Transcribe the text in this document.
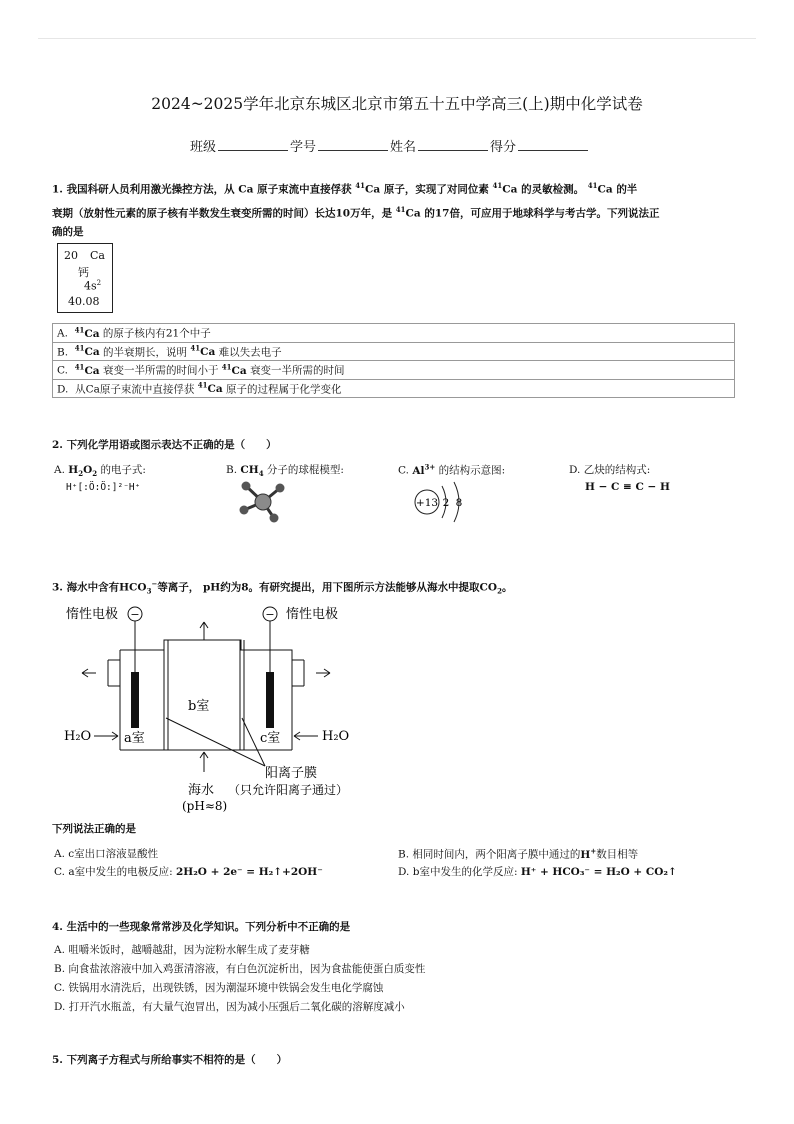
2024~2025学年北京东城区北京市第五十五中学高三(上)期中化学试卷
班级	学号	姓名	得分
1. 我国科研人员利用激光操控方法，从 Ca 原子束流中直接俘获 $^{41}$Ca 原子，实现了对同位素 $^{41}$Ca 的灵敏检测。 $^{41}$Ca 的半
衰期（放射性元素的原子核有半数发生衰变所需的时间）长达10万年，是 $^{41}$Ca 的17倍，可应用于地球科学与考古学。下列说法正
确的是
20 Ca
钙
$4s^2$
40.08
A. $^{41}$Ca 的原子核内有21个中子
B. $^{41}$Ca 的半衰期长，说明 $^{41}$Ca 难以失去电子
C. $^{41}$Ca 衰变一半所需的时间小于 $^{41}$Ca 衰变一半所需的时间
D. 从Ca原子束流中直接俘获 $^{41}$Ca 原子的过程属于化学变化
2. 下列化学用语或图示表达不正确的是（　　）
A. $H_2O_2$ 的电子式:
H⁺[:Ö:Ö:]²⁻H⁺
B. $CH_4$ 分子的球棍模型:	C. $Al^{3+}$ 的结构示意图:
+13 2 8
D. 乙炔的结构式:
H − C ≡ C − H
3. 海水中含有$HCO_3^-$等离子， pH约为8。有研究提出，用下图所示方法能够从海水中提取$CO_2$。
惰性电极 −	− 惰性电极
b室
a室	c室
H₂O	H₂O
阳离子膜
（只允许阳离子通过）
海水
(pH≈8)
下列说法正确的是
A. c室出口溶液显酸性	B. 相同时间内，两个阳离子膜中通过的H+数目相等
C. a室中发生的电极反应: 2H₂O + 2e⁻ = H₂↑+2OH⁻	D. b室中发生的化学反应: H⁺ + HCO₃⁻ = H₂O + CO₂↑
4. 生活中的一些现象常常涉及化学知识。下列分析中不正确的是
A. 咀嚼米饭时，越嚼越甜，因为淀粉水解生成了麦芽糖
B. 向食盐浓溶液中加入鸡蛋清溶液，有白色沉淀析出，因为食盐能使蛋白质变性
C. 铁锅用水清洗后，出现铁锈，因为潮湿环境中铁锅会发生电化学腐蚀
D. 打开汽水瓶盖，有大量气泡冒出，因为减小压强后二氧化碳的溶解度减小
5. 下列离子方程式与所给事实不相符的是（　　）
